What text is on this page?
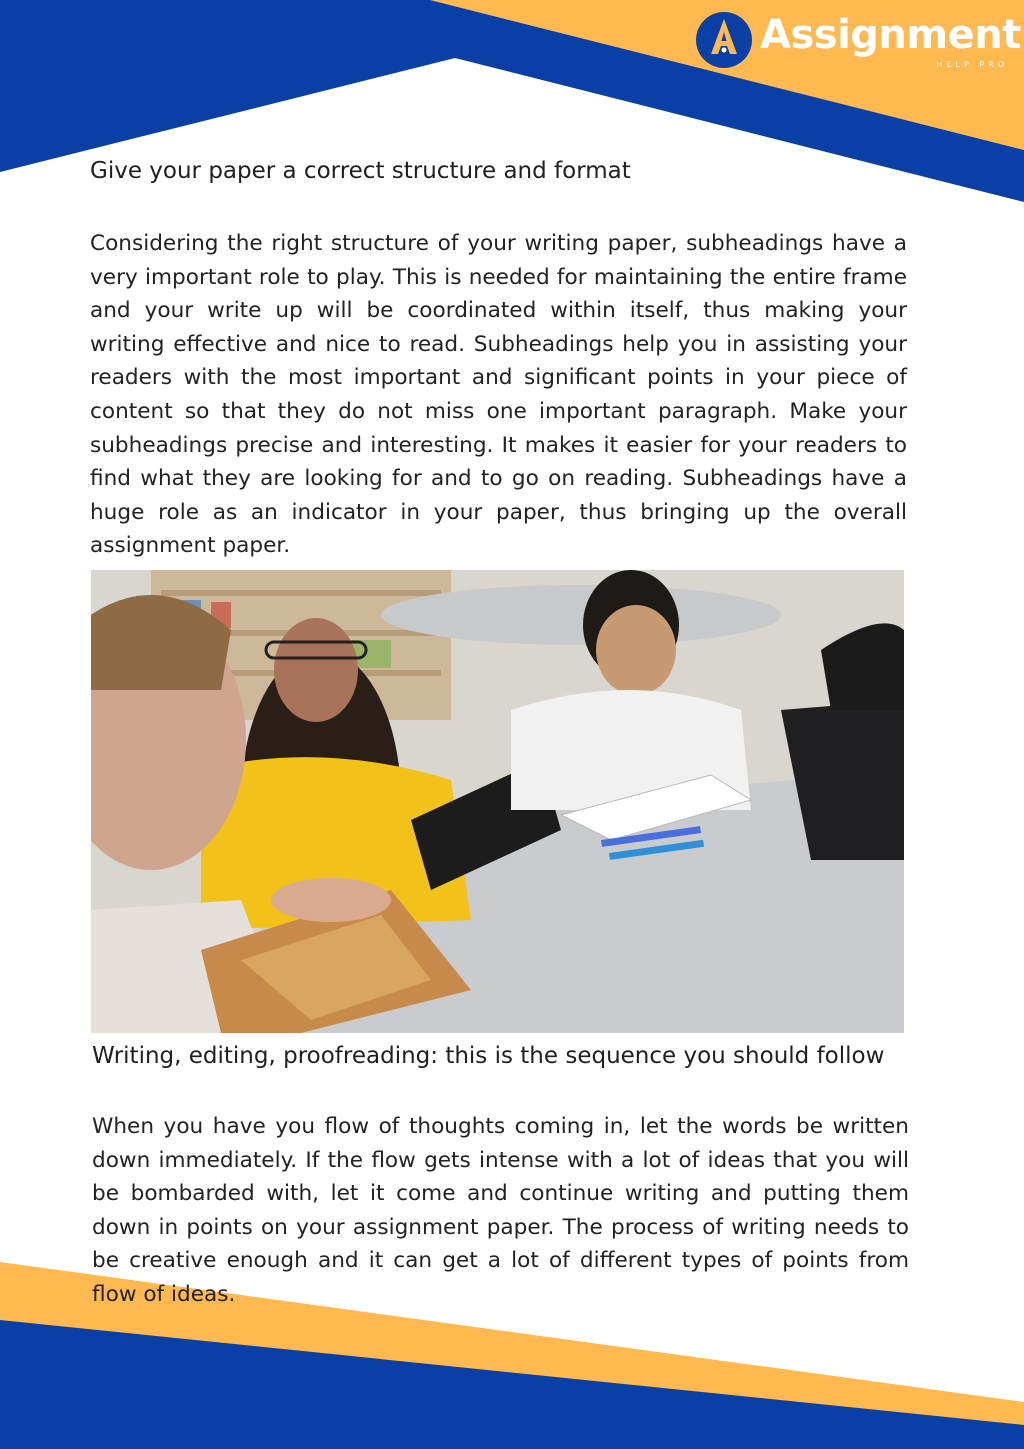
Assignment
HELP PRO
Give your paper a correct structure and format

Considering the right structure of your writing paper, subheadings have a very important role to play. This is needed for maintaining the entire frame and your write up will be coordinated within itself, thus making your writing effective and nice to read. Subheadings help you in assisting your readers with the most important and significant points in your piece of content so that they do not miss one important paragraph. Make your subheadings precise and interesting. It makes it easier for your readers to find what they are looking for and to go on reading. Subheadings have a huge role as an indicator in your paper, thus bringing up the overall assignment paper.

Writing, editing, proofreading: this is the sequence you should follow

When you have you flow of thoughts coming in, let the words be written down immediately. If the flow gets intense with a lot of ideas that you will be bombarded with, let it come and continue writing and putting them down in points on your assignment paper. The process of writing needs to be creative enough and it can get a lot of different types of points from flow of ideas.
